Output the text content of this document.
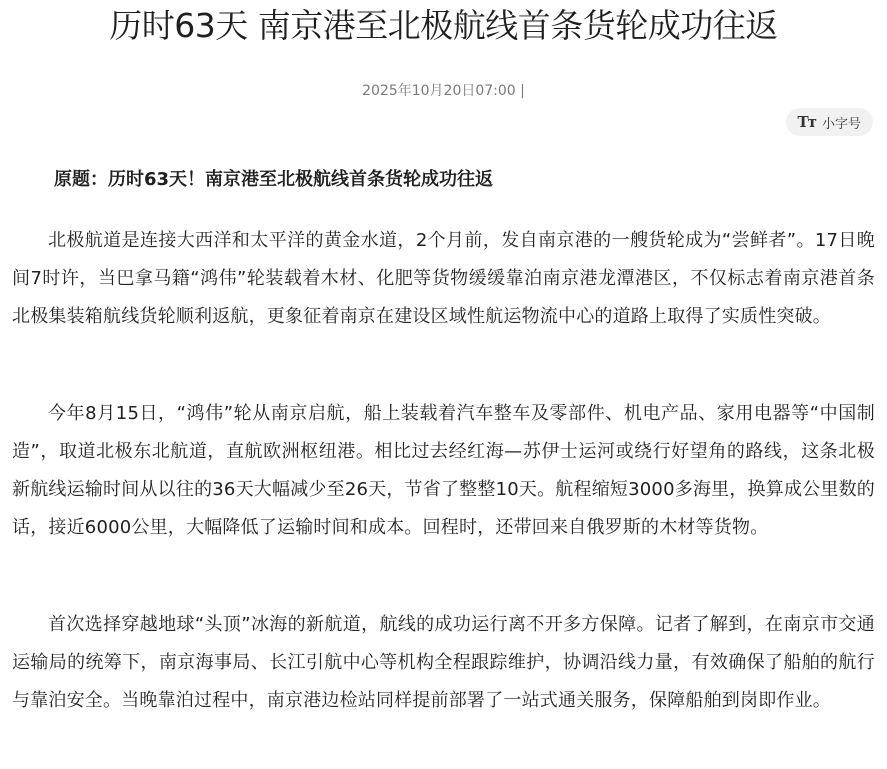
历时63天 南京港至北极航线首条货轮成功往返
2025年10月20日07:00 |
Tт 小字号

原题：历时63天！南京港至北极航线首条货轮成功往返

北极航道是连接大西洋和太平洋的黄金水道，2个月前，发自南京港的一艘货轮成为“尝鲜者”。17日晚间7时许，当巴拿马籍“鸿伟”轮装载着木材、化肥等货物缓缓靠泊南京港龙潭港区，不仅标志着南京港首条北极集装箱航线货轮顺利返航，更象征着南京在建设区域性航运物流中心的道路上取得了实质性突破。

今年8月15日，“鸿伟”轮从南京启航，船上装载着汽车整车及零部件、机电产品、家用电器等“中国制造”，取道北极东北航道，直航欧洲枢纽港。相比过去经红海—苏伊士运河或绕行好望角的路线，这条北极新航线运输时间从以往的36天大幅减少至26天，节省了整整10天。航程缩短3000多海里，换算成公里数的话，接近6000公里，大幅降低了运输时间和成本。回程时，还带回来自俄罗斯的木材等货物。

首次选择穿越地球“头顶”冰海的新航道，航线的成功运行离不开多方保障。记者了解到，在南京市交通运输局的统筹下，南京海事局、长江引航中心等机构全程跟踪维护，协调沿线力量，有效确保了船舶的航行与靠泊安全。当晚靠泊过程中，南京港边检站同样提前部署了一站式通关服务，保障船舶到岗即作业。
